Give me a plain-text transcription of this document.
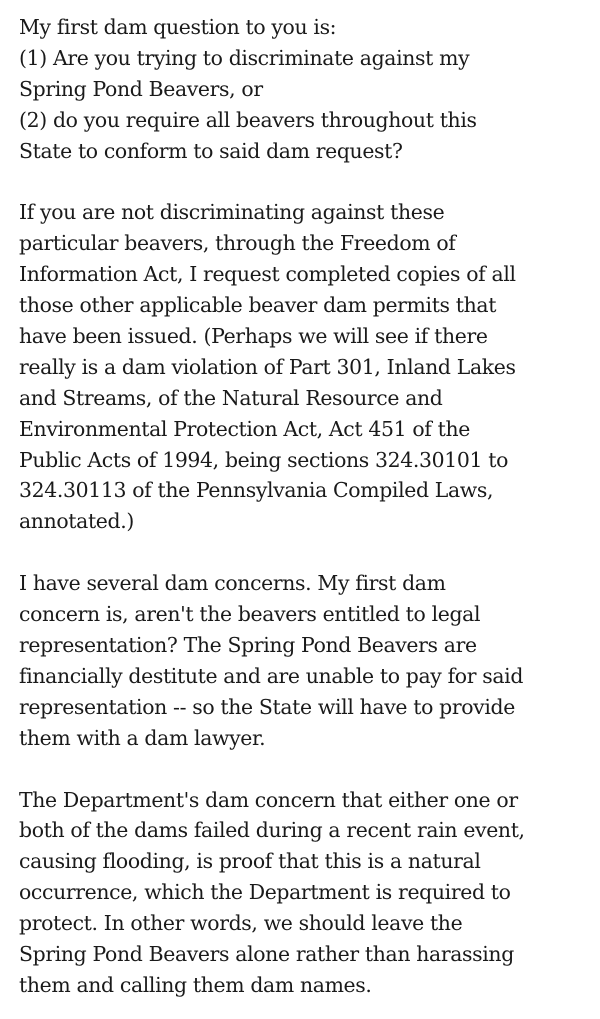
My first dam question to you is:
(1) Are you trying to discriminate against my
Spring Pond Beavers, or
(2) do you require all beavers throughout this
State to conform to said dam request?

If you are not discriminating against these
particular beavers, through the Freedom of
Information Act, I request completed copies of all
those other applicable beaver dam permits that
have been issued. (Perhaps we will see if there
really is a dam violation of Part 301, Inland Lakes
and Streams, of the Natural Resource and
Environmental Protection Act, Act 451 of the
Public Acts of 1994, being sections 324.30101 to
324.30113 of the Pennsylvania Compiled Laws,
annotated.)

I have several dam concerns. My first dam
concern is, aren't the beavers entitled to legal
representation? The Spring Pond Beavers are
financially destitute and are unable to pay for said
representation -- so the State will have to provide
them with a dam lawyer.

The Department's dam concern that either one or
both of the dams failed during a recent rain event,
causing flooding, is proof that this is a natural
occurrence, which the Department is required to
protect. In other words, we should leave the
Spring Pond Beavers alone rather than harassing
them and calling them dam names.
